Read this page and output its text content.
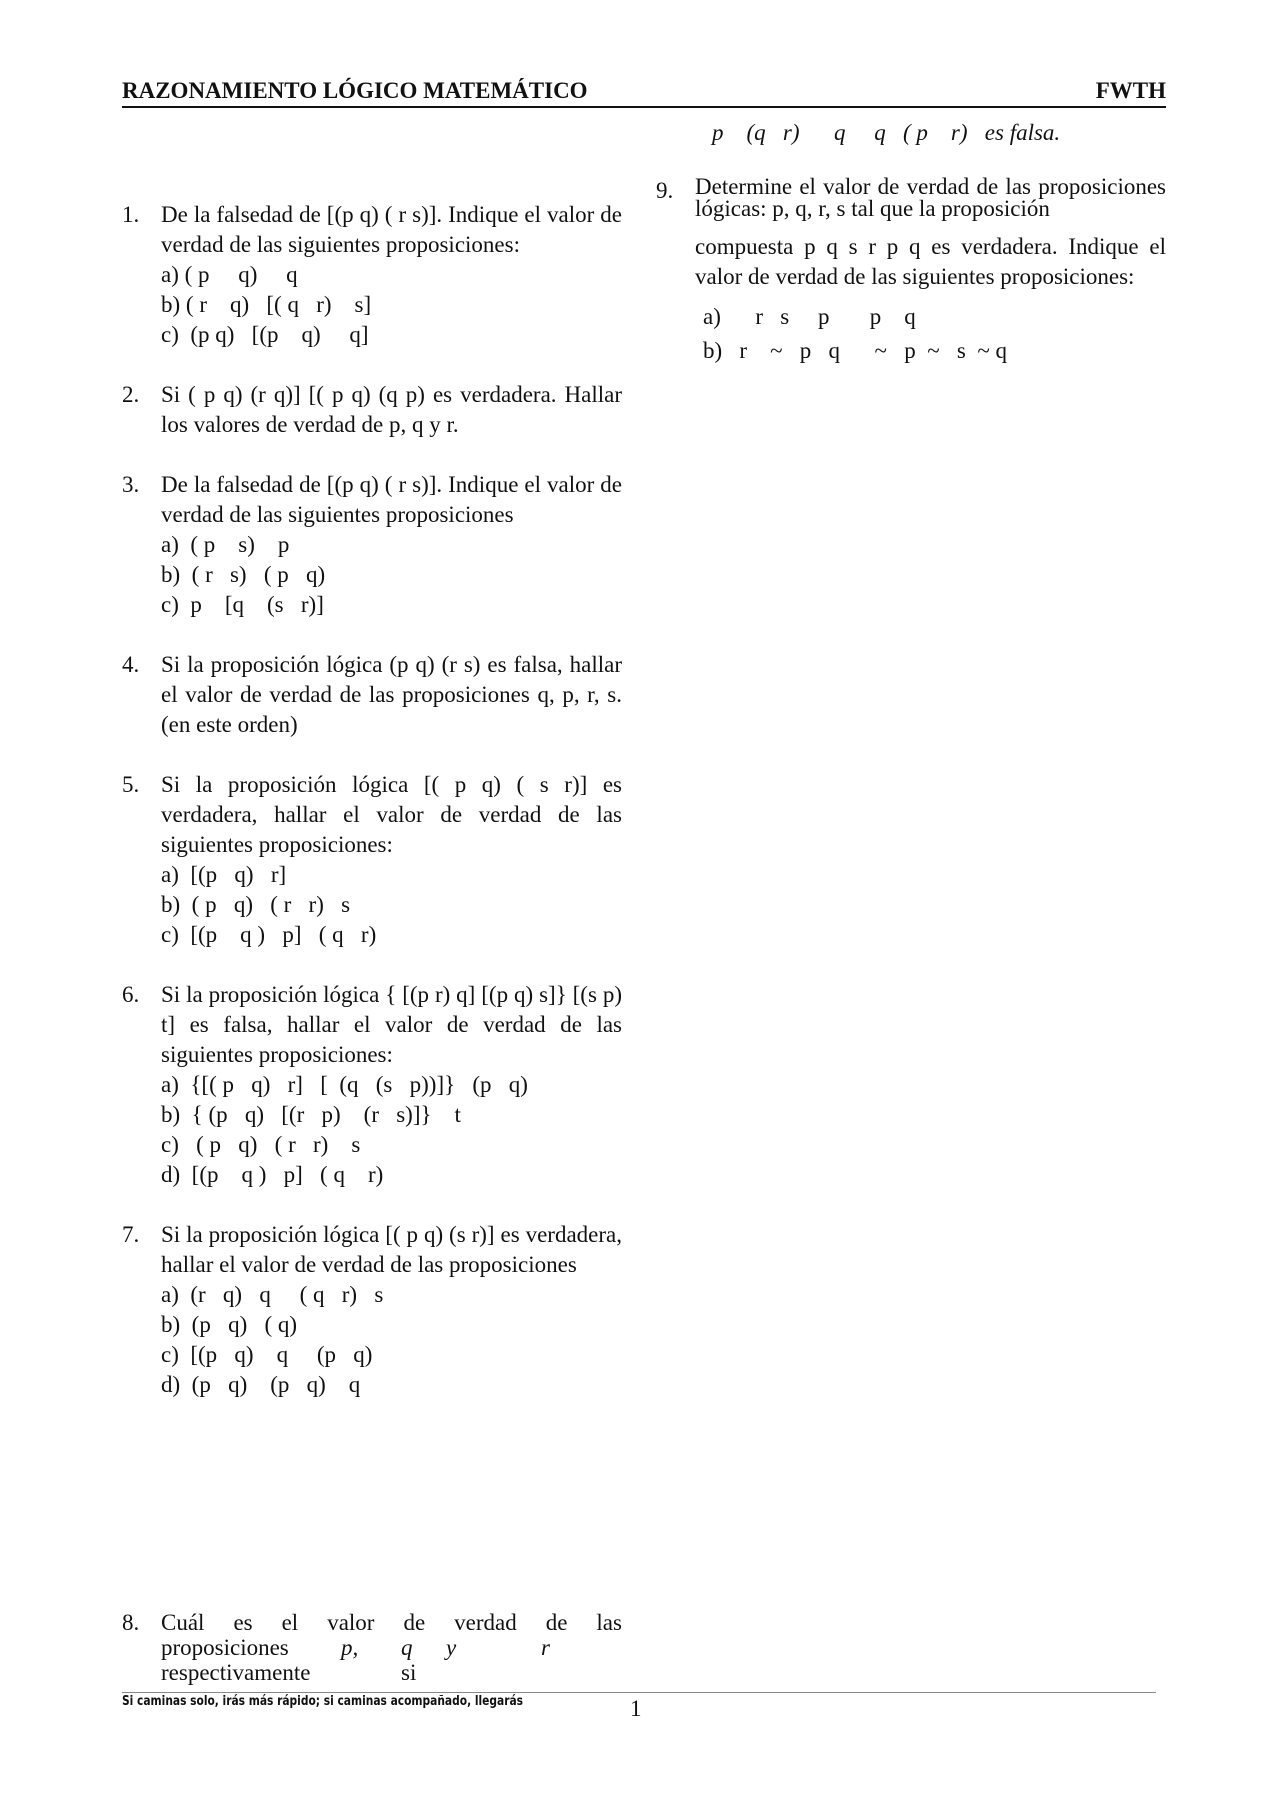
RAZONAMIENTO LÓGICO MATEMÁTICO	FWTH
1. De la falsedad de [(p q) ( r s)]. Indique el valor de verdad de las siguientes proposiciones:
a) ( p     q)     q
b) ( r    q)   [( q   r)    s]
c)  (p q)   [(p    q)     q]
2. Si ( p q) (r q)] [( p q) (q p) es verdadera. Hallar los valores de verdad de p, q y r.
3. De la falsedad de [(p q) ( r s)]. Indique el valor de verdad de las siguientes proposiciones
a)  ( p    s)    p
b)  ( r   s)   ( p   q)
c)  p    [q    (s   r)]
4. Si la proposición lógica (p q) (r s) es falsa, hallar el valor de verdad de las proposiciones q, p, r, s. (en este orden)
5. Si la proposición lógica [( p q) ( s r)] es verdadera, hallar el valor de verdad de las siguientes proposiciones:
a)  [(p   q)   r]
b)  ( p   q)   ( r   r)   s
c)  [(p    q )   p]   ( q   r)
6. Si la proposición lógica { [(p r) q] [(p q) s]} [(s p) t] es falsa, hallar el valor de verdad de las siguientes proposiciones:
a)  {[( p   q)   r]   [  (q   (s   p))]}   (p   q)
b)  { (p   q)   [(r   p)    (r   s)]}    t
c)   ( p   q)   ( r   r)    s
d)  [(p    q )   p]   ( q    r)
7. Si la proposición lógica [( p q) (s r)] es verdadera, hallar el valor de verdad de las proposiciones
a)  (r   q)   q     ( q   r)   s
b)  (p   q)   ( q)
c)  [(p   q)    q     (p   q)
d)  (p   q)    (p   q)    q
8. Cuál es el valor de verdad de las
proposiciones p, q y	r
respectivamente	si
p    (q   r)      q     q   ( p    r)   es falsa.
9. Determine el valor de verdad de las proposiciones lógicas: p, q, r, s tal que la proposición
compuesta p q s r p q es verdadera. Indique el valor de verdad de las siguientes proposiciones:
a)      r   s     p       p    q
b)   r    ~   p   q      ~   p  ~   s  ~ q
Si caminas solo, irás más rápido; si caminas acompañado, llegarás	1
